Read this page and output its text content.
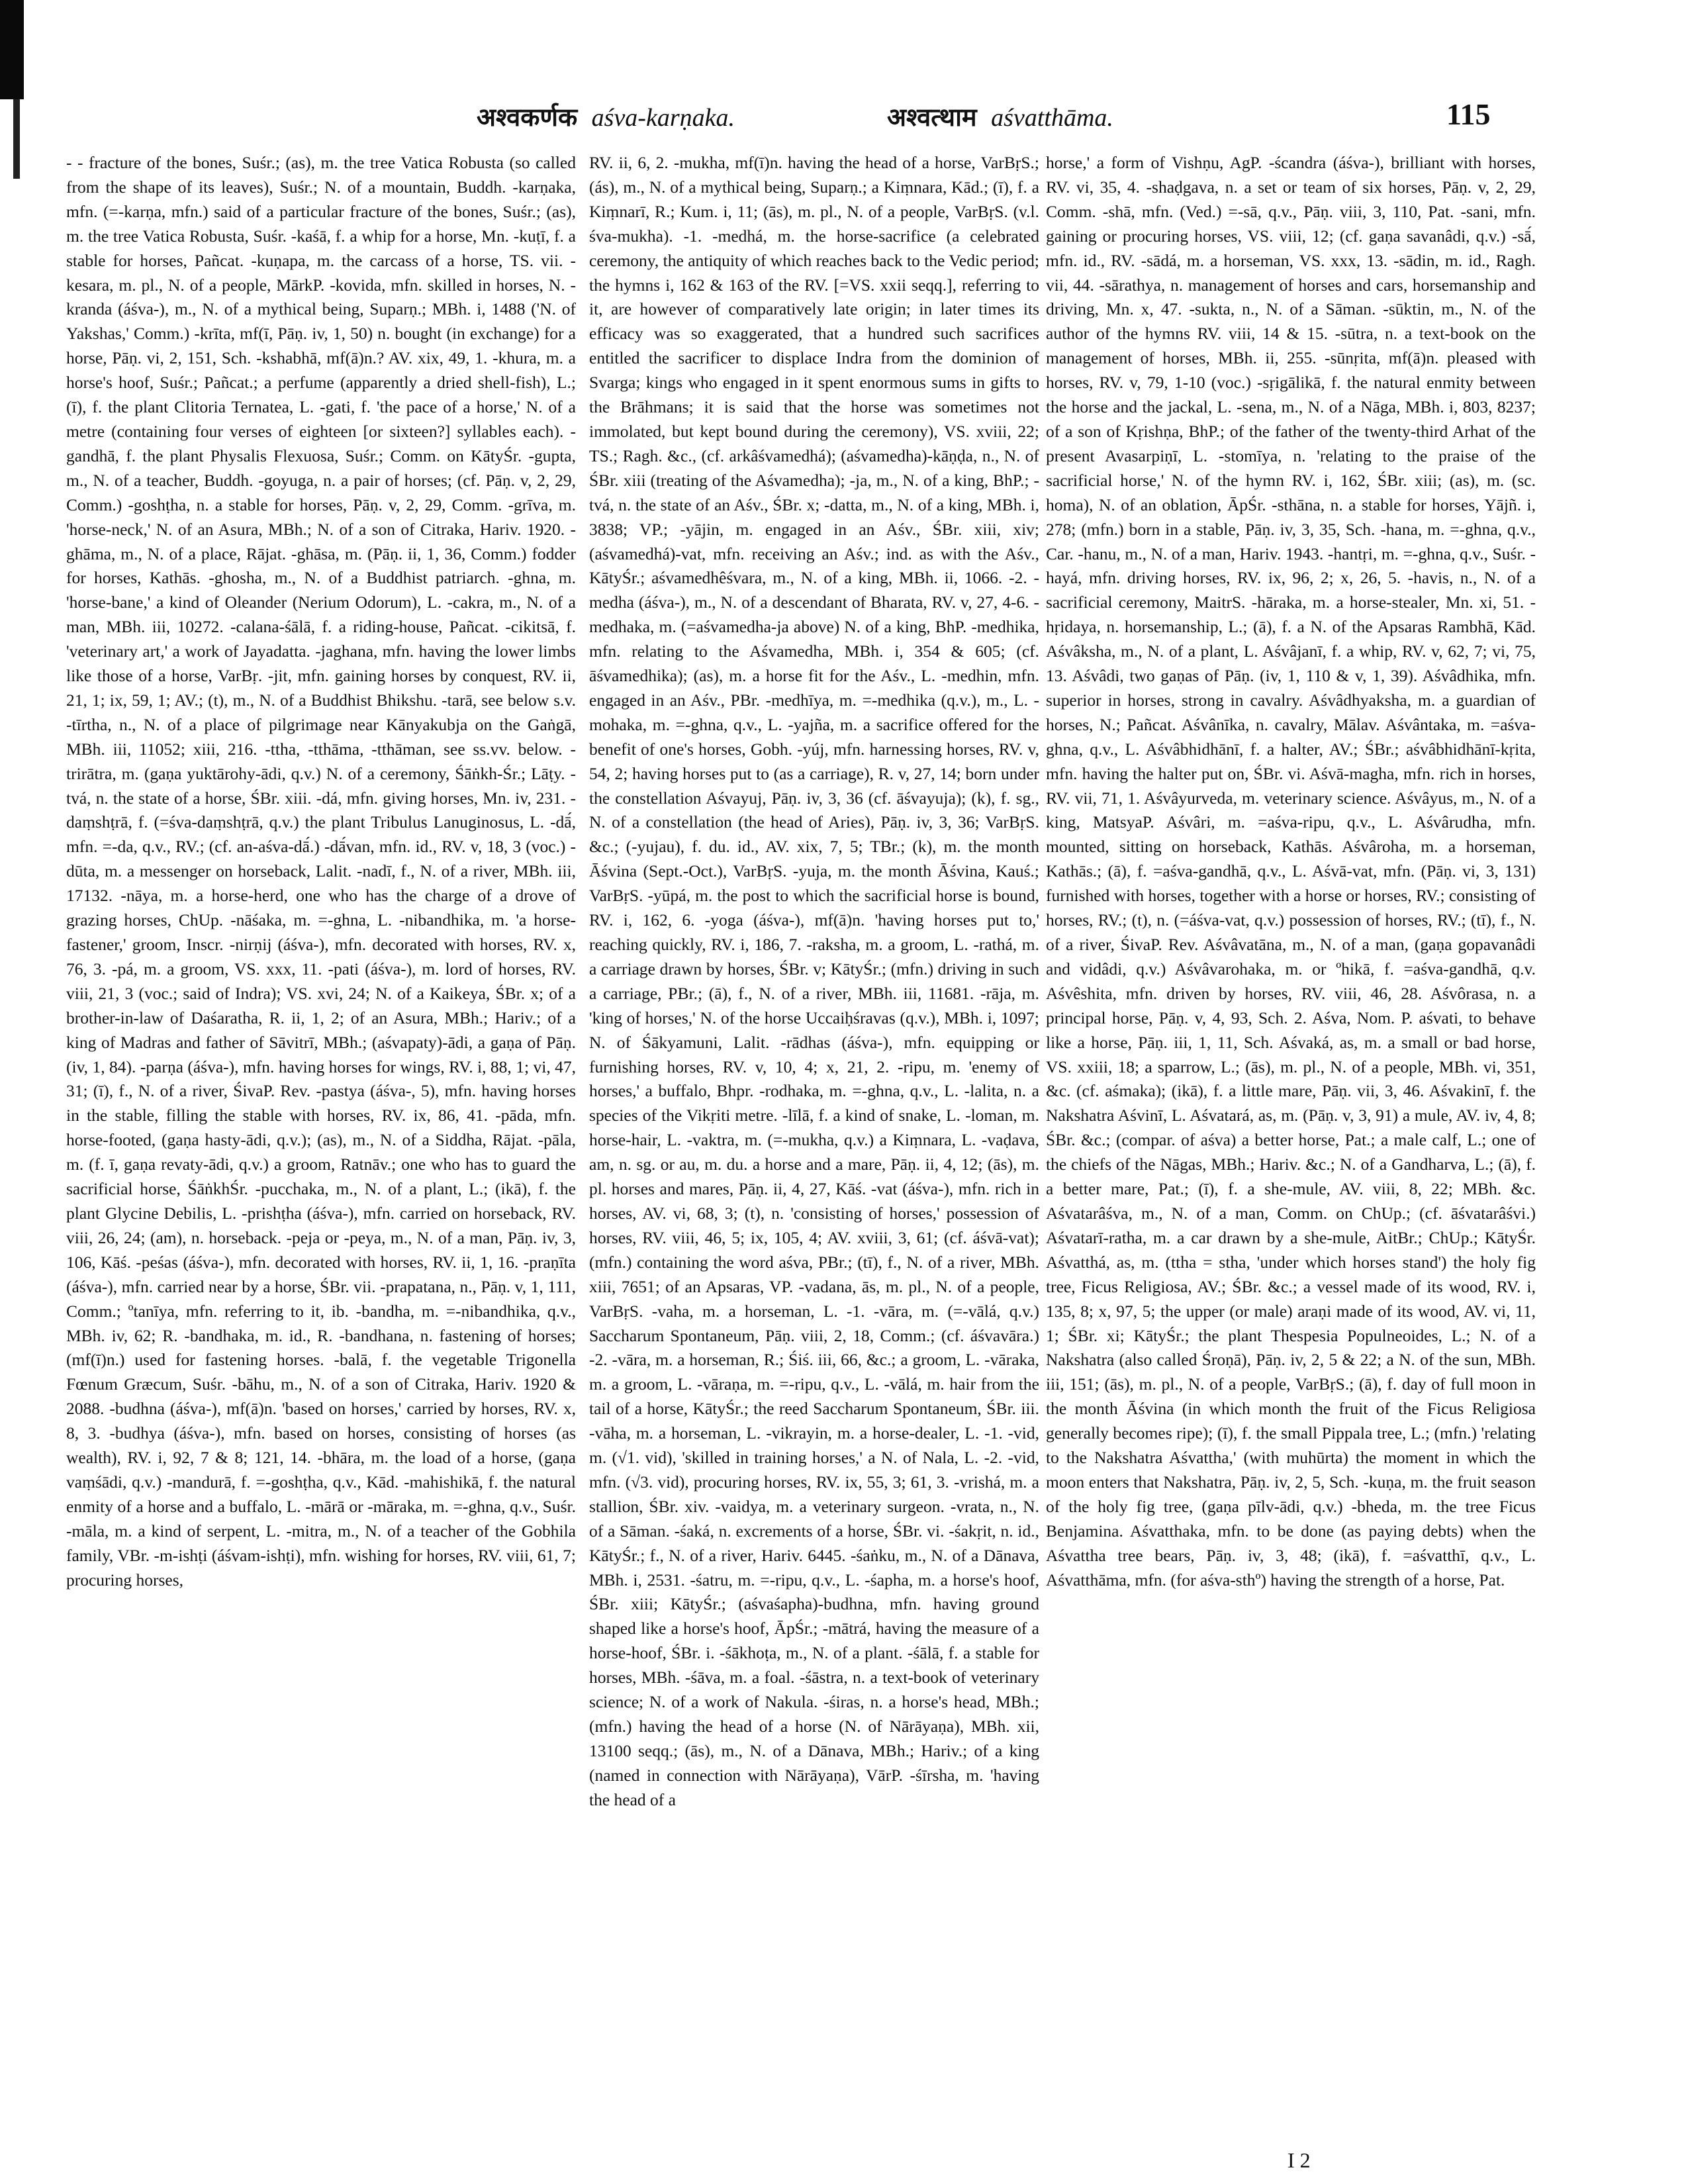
अश्वकर्णक aśva-karṇaka.	अश्वत्थाम aśvatthāma.	115

- - fracture of the bones, Suśr.; (as), m. the tree Vatica Robusta (so called from the shape of its leaves), Suśr.; N. of a mountain, Buddh. -karṇaka, mfn. (=-karṇa, mfn.) said of a particular fracture of the bones, Suśr.; (as), m. the tree Vatica Robusta, Suśr. -kaśā, f. a whip for a horse, Mn. -kuṭī, f. a stable for horses, Pañcat. -kuṇapa, m. the carcass of a horse, TS. vii. -kesara, m. pl., N. of a people, MārkP. -kovida, mfn. skilled in horses, N. -kranda (áśva-), m., N. of a mythical being, Suparṇ.; MBh. i, 1488 ('N. of Yakshas,' Comm.) -krīta, mf(ī, Pāṇ. iv, 1, 50) n. bought (in exchange) for a horse, Pāṇ. vi, 2, 151, Sch. -kshabhā, mf(ā)n.? AV. xix, 49, 1. -khura, m. a horse's hoof, Suśr.; Pañcat.; a perfume (apparently a dried shell-fish), L.; (ī), f. the plant Clitoria Ternatea, L. -gati, f. 'the pace of a horse,' N. of a metre (containing four verses of eighteen [or sixteen?] syllables each). -gandhā, f. the plant Physalis Flexuosa, Suśr.; Comm. on KātyŚr. -gupta, m., N. of a teacher, Buddh. -goyuga, n. a pair of horses; (cf. Pāṇ. v, 2, 29, Comm.) -goshṭha, n. a stable for horses, Pāṇ. v, 2, 29, Comm. -grīva, m. 'horse-neck,' N. of an Asura, MBh.; N. of a son of Citraka, Hariv. 1920. -ghāma, m., N. of a place, Rājat. -ghāsa, m. (Pāṇ. ii, 1, 36, Comm.) fodder for horses, Kathās. -ghosha, m., N. of a Buddhist patriarch. -ghna, m. 'horse-bane,' a kind of Oleander (Nerium Odorum), L. -cakra, m., N. of a man, MBh. iii, 10272. -calana-śālā, f. a riding-house, Pañcat. -cikitsā, f. 'veterinary art,' a work of Jayadatta. -jaghana, mfn. having the lower limbs like those of a horse, VarBṛ. -jit, mfn. gaining horses by conquest, RV. ii, 21, 1; ix, 59, 1; AV.; (t), m., N. of a Buddhist Bhikshu. -tarā, see below s.v. -tīrtha, n., N. of a place of pilgrimage near Kānyakubja on the Gaṅgā, MBh. iii, 11052; xiii, 216. -ttha, -tthāma, -tthāman, see ss.vv. below. -trirātra, m. (gaṇa yuktārohy-ādi, q.v.) N. of a ceremony, Śāṅkh-Śr.; Lāṭy. -tvá, n. the state of a horse, ŚBr. xiii. -dá, mfn. giving horses, Mn. iv, 231. -daṃshṭrā, f. (=śva-daṃshṭrā, q.v.) the plant Tribulus Lanuginosus, L. -dā́, mfn. =-da, q.v., RV.; (cf. an-aśva-dā́.) -dā́van, mfn. id., RV. v, 18, 3 (voc.) -dūta, m. a messenger on horseback, Lalit. -nadī, f., N. of a river, MBh. iii, 17132. -nāya, m. a horse-herd, one who has the charge of a drove of grazing horses, ChUp. -nāśaka, m. =-ghna, L. -nibandhika, m. 'a horse-fastener,' groom, Inscr. -nirṇij (áśva-), mfn. decorated with horses, RV. x, 76, 3. -pá, m. a groom, VS. xxx, 11. -pati (áśva-), m. lord of horses, RV. viii, 21, 3 (voc.; said of Indra); VS. xvi, 24; N. of a Kaikeya, ŚBr. x; of a brother-in-law of Daśaratha, R. ii, 1, 2; of an Asura, MBh.; Hariv.; of a king of Madras and father of Sāvitrī, MBh.; (aśvapaty)-ādi, a gaṇa of Pāṇ. (iv, 1, 84). -parṇa (áśva-), mfn. having horses for wings, RV. i, 88, 1; vi, 47, 31; (ī), f., N. of a river, ŚivaP. Rev. -pastya (áśva-, 5), mfn. having horses in the stable, filling the stable with horses, RV. ix, 86, 41. -pāda, mfn. horse-footed, (gaṇa hasty-ādi, q.v.); (as), m., N. of a Siddha, Rājat. -pāla, m. (f. ī, gaṇa revaty-ādi, q.v.) a groom, Ratnāv.; one who has to guard the sacrificial horse, ŚāṅkhŚr. -pucchaka, m., N. of a plant, L.; (ikā), f. the plant Glycine Debilis, L. -prishṭha (áśva-), mfn. carried on horseback, RV. viii, 26, 24; (am), n. horseback. -peja or -peya, m., N. of a man, Pāṇ. iv, 3, 106, Kāś. -peśas (áśva-), mfn. decorated with horses, RV. ii, 1, 16. -praṇīta (áśva-), mfn. carried near by a horse, ŚBr. vii. -prapatana, n., Pāṇ. v, 1, 111, Comm.; ºtanīya, mfn. referring to it, ib. -bandha, m. =-nibandhika, q.v., MBh. iv, 62; R. -bandhaka, m. id., R. -bandhana, n. fastening of horses; (mf(ī)n.) used for fastening horses. -balā, f. the vegetable Trigonella Fœnum Græcum, Suśr. -bāhu, m., N. of a son of Citraka, Hariv. 1920 & 2088. -budhna (áśva-), mf(ā)n. 'based on horses,' carried by horses, RV. x, 8, 3. -budhya (áśva-), mfn. based on horses, consisting of horses (as wealth), RV. i, 92, 7 & 8; 121, 14. -bhāra, m. the load of a horse, (gaṇa vaṃśādi, q.v.) -mandurā, f. =-goshṭha, q.v., Kād. -mahishikā, f. the natural enmity of a horse and a buffalo, L. -mārā or -māraka, m. =-ghna, q.v., Suśr. -māla, m. a kind of serpent, L. -mitra, m., N. of a teacher of the Gobhila family, VBr. -m-ishṭi (áśvam-ishṭi), mfn. wishing for horses, RV. viii, 61, 7; procuring horses,

RV. ii, 6, 2. -mukha, mf(ī)n. having the head of a horse, VarBṛS.; (ás), m., N. of a mythical being, Suparṇ.; a Kiṃnara, Kād.; (ī), f. a Kiṃnarī, R.; Kum. i, 11; (ās), m. pl., N. of a people, VarBṛS. (v.l. śva-mukha). -1. -medhá, m. the horse-sacrifice (a celebrated ceremony, the antiquity of which reaches back to the Vedic period; the hymns i, 162 & 163 of the RV. [=VS. xxii seqq.], referring to it, are however of comparatively late origin; in later times its efficacy was so exaggerated, that a hundred such sacrifices entitled the sacrificer to displace Indra from the dominion of Svarga; kings who engaged in it spent enormous sums in gifts to the Brāhmans; it is said that the horse was sometimes not immolated, but kept bound during the ceremony), VS. xviii, 22; TS.; Ragh. &c., (cf. arkâśvamedhá); (aśvamedha)-kāṇḍa, n., N. of ŚBr. xiii (treating of the Aśvamedha); -ja, m., N. of a king, BhP.; -tvá, n. the state of an Aśv., ŚBr. x; -datta, m., N. of a king, MBh. i, 3838; VP.; -yājin, m. engaged in an Aśv., ŚBr. xiii, xiv; (aśvamedhá)-vat, mfn. receiving an Aśv.; ind. as with the Aśv., KātyŚr.; aśvamedhêśvara, m., N. of a king, MBh. ii, 1066. -2. -medha (áśva-), m., N. of a descendant of Bharata, RV. v, 27, 4-6. -medhaka, m. (=aśvamedha-ja above) N. of a king, BhP. -medhika, mfn. relating to the Aśvamedha, MBh. i, 354 & 605; (cf. āśvamedhika); (as), m. a horse fit for the Aśv., L. -medhin, mfn. engaged in an Aśv., PBr. -medhīya, m. =-medhika (q.v.), m., L. -mohaka, m. =-ghna, q.v., L. -yajña, m. a sacrifice offered for the benefit of one's horses, Gobh. -yúj, mfn. harnessing horses, RV. v, 54, 2; having horses put to (as a carriage), R. v, 27, 14; born under the constellation Aśvayuj, Pāṇ. iv, 3, 36 (cf. āśvayuja); (k), f. sg., N. of a constellation (the head of Aries), Pāṇ. iv, 3, 36; VarBṛS. &c.; (-yujau), f. du. id., AV. xix, 7, 5; TBr.; (k), m. the month Āśvina (Sept.-Oct.), VarBṛS. -yuja, m. the month Āśvina, Kauś.; VarBṛS. -yūpá, m. the post to which the sacrificial horse is bound, RV. i, 162, 6. -yoga (áśva-), mf(ā)n. 'having horses put to,' reaching quickly, RV. i, 186, 7. -raksha, m. a groom, L. -rathá, m. a carriage drawn by horses, ŚBr. v; KātyŚr.; (mfn.) driving in such a carriage, PBr.; (ā), f., N. of a river, MBh. iii, 11681. -rāja, m. 'king of horses,' N. of the horse Uccaiḥśravas (q.v.), MBh. i, 1097; N. of Śākyamuni, Lalit. -rādhas (áśva-), mfn. equipping or furnishing horses, RV. v, 10, 4; x, 21, 2. -ripu, m. 'enemy of horses,' a buffalo, Bhpr. -rodhaka, m. =-ghna, q.v., L. -lalita, n. a species of the Vikṛiti metre. -līlā, f. a kind of snake, L. -loman, m. horse-hair, L. -vaktra, m. (=-mukha, q.v.) a Kiṃnara, L. -vaḍava, am, n. sg. or au, m. du. a horse and a mare, Pāṇ. ii, 4, 12; (ās), m. pl. horses and mares, Pāṇ. ii, 4, 27, Kāś. -vat (áśva-), mfn. rich in horses, AV. vi, 68, 3; (t), n. 'consisting of horses,' possession of horses, RV. viii, 46, 5; ix, 105, 4; AV. xviii, 3, 61; (cf. áśvā-vat); (mfn.) containing the word aśva, PBr.; (tī), f., N. of a river, MBh. xiii, 7651; of an Apsaras, VP. -vadana, ās, m. pl., N. of a people, VarBṛS. -vaha, m. a horseman, L. -1. -vāra, m. (=-vālá, q.v.) Saccharum Spontaneum, Pāṇ. viii, 2, 18, Comm.; (cf. áśvavāra.) -2. -vāra, m. a horseman, R.; Śiś. iii, 66, &c.; a groom, L. -vāraka, m. a groom, L. -vāraṇa, m. =-ripu, q.v., L. -vālá, m. hair from the tail of a horse, KātyŚr.; the reed Saccharum Spontaneum, ŚBr. iii. -vāha, m. a horseman, L. -vikrayin, m. a horse-dealer, L. -1. -vid, m. (√1. vid), 'skilled in training horses,' a N. of Nala, L. -2. -vid, mfn. (√3. vid), procuring horses, RV. ix, 55, 3; 61, 3. -vrishá, m. a stallion, ŚBr. xiv. -vaidya, m. a veterinary surgeon. -vrata, n., N. of a Sāman. -śaká, n. excrements of a horse, ŚBr. vi. -śakṛit, n. id., KātyŚr.; f., N. of a river, Hariv. 6445. -śaṅku, m., N. of a Dānava, MBh. i, 2531. -śatru, m. =-ripu, q.v., L. -śapha, m. a horse's hoof, ŚBr. xiii; KātyŚr.; (aśvaśapha)-budhna, mfn. having ground shaped like a horse's hoof, ĀpŚr.; -mātrá, having the measure of a horse-hoof, ŚBr. i. -śākhoṭa, m., N. of a plant. -śālā, f. a stable for horses, MBh. -śāva, m. a foal. -śāstra, n. a text-book of veterinary science; N. of a work of Nakula. -śiras, n. a horse's head, MBh.; (mfn.) having the head of a horse (N. of Nārāyaṇa), MBh. xii, 13100 seqq.; (ās), m., N. of a Dānava, MBh.; Hariv.; of a king (named in connection with Nārāyaṇa), VārP. -śīrsha, m. 'having the head of a

horse,' a form of Vishṇu, AgP. -ścandra (áśva-), brilliant with horses, RV. vi, 35, 4. -shaḍgava, n. a set or team of six horses, Pāṇ. v, 2, 29, Comm. -shā, mfn. (Ved.) =-sā, q.v., Pāṇ. viii, 3, 110, Pat. -sani, mfn. gaining or procuring horses, VS. viii, 12; (cf. gaṇa savanâdi, q.v.) -sā́, mfn. id., RV. -sādá, m. a horseman, VS. xxx, 13. -sādin, m. id., Ragh. vii, 44. -sārathya, n. management of horses and cars, horsemanship and driving, Mn. x, 47. -sukta, n., N. of a Sāman. -sūktin, m., N. of the author of the hymns RV. viii, 14 & 15. -sūtra, n. a text-book on the management of horses, MBh. ii, 255. -sūnṛita, mf(ā)n. pleased with horses, RV. v, 79, 1-10 (voc.) -sṛigālikā, f. the natural enmity between the horse and the jackal, L. -sena, m., N. of a Nāga, MBh. i, 803, 8237; of a son of Kṛishṇa, BhP.; of the father of the twenty-third Arhat of the present Avasarpiṇī, L. -stomīya, n. 'relating to the praise of the sacrificial horse,' N. of the hymn RV. i, 162, ŚBr. xiii; (as), m. (sc. homa), N. of an oblation, ĀpŚr. -sthāna, n. a stable for horses, Yājñ. i, 278; (mfn.) born in a stable, Pāṇ. iv, 3, 35, Sch. -hana, m. =-ghna, q.v., Car. -hanu, m., N. of a man, Hariv. 1943. -hantṛi, m. =-ghna, q.v., Suśr. -hayá, mfn. driving horses, RV. ix, 96, 2; x, 26, 5. -havis, n., N. of a sacrificial ceremony, MaitrS. -hāraka, m. a horse-stealer, Mn. xi, 51. -hṛidaya, n. horsemanship, L.; (ā), f. a N. of the Apsaras Rambhā, Kād. Aśvâksha, m., N. of a plant, L. Aśvâjanī, f. a whip, RV. v, 62, 7; vi, 75, 13. Aśvâdi, two gaṇas of Pāṇ. (iv, 1, 110 & v, 1, 39). Aśvâdhika, mfn. superior in horses, strong in cavalry. Aśvâdhyaksha, m. a guardian of horses, N.; Pañcat. Aśvânīka, n. cavalry, Mālav. Aśvântaka, m. =aśva-ghna, q.v., L. Aśvâbhidhānī, f. a halter, AV.; ŚBr.; aśvâbhidhānī-kṛita, mfn. having the halter put on, ŚBr. vi. Aśvā-magha, mfn. rich in horses, RV. vii, 71, 1. Aśvâyurveda, m. veterinary science. Aśvâyus, m., N. of a king, MatsyaP. Aśvâri, m. =aśva-ripu, q.v., L. Aśvârudha, mfn. mounted, sitting on horseback, Kathās. Aśvâroha, m. a horseman, Kathās.; (ā), f. =aśva-gandhā, q.v., L. Aśvā-vat, mfn. (Pāṇ. vi, 3, 131) furnished with horses, together with a horse or horses, RV.; consisting of horses, RV.; (t), n. (=áśva-vat, q.v.) possession of horses, RV.; (tī), f., N. of a river, ŚivaP. Rev. Aśvâvatāna, m., N. of a man, (gaṇa gopavanâdi and vidâdi, q.v.) Aśvâvarohaka, m. or ºhikā, f. =aśva-gandhā, q.v. Aśvêshita, mfn. driven by horses, RV. viii, 46, 28. Aśvôrasa, n. a principal horse, Pāṇ. v, 4, 93, Sch. 2. Aśva, Nom. P. aśvati, to behave like a horse, Pāṇ. iii, 1, 11, Sch. Aśvaká, as, m. a small or bad horse, VS. xxiii, 18; a sparrow, L.; (ās), m. pl., N. of a people, MBh. vi, 351, &c. (cf. aśmaka); (ikā), f. a little mare, Pāṇ. vii, 3, 46. Aśvakinī, f. the Nakshatra Aśvinī, L. Aśvatará, as, m. (Pāṇ. v, 3, 91) a mule, AV. iv, 4, 8; ŚBr. &c.; (compar. of aśva) a better horse, Pat.; a male calf, L.; one of the chiefs of the Nāgas, MBh.; Hariv. &c.; N. of a Gandharva, L.; (ā), f. a better mare, Pat.; (ī), f. a she-mule, AV. viii, 8, 22; MBh. &c. Aśvatarâśva, m., N. of a man, Comm. on ChUp.; (cf. āśvatarâśvi.) Aśvatarī-ratha, m. a car drawn by a she-mule, AitBr.; ChUp.; KātyŚr. Aśvatthá, as, m. (ttha = stha, 'under which horses stand') the holy fig tree, Ficus Religiosa, AV.; ŚBr. &c.; a vessel made of its wood, RV. i, 135, 8; x, 97, 5; the upper (or male) araṇi made of its wood, AV. vi, 11, 1; ŚBr. xi; KātyŚr.; the plant Thespesia Populneoides, L.; N. of a Nakshatra (also called Śroṇā), Pāṇ. iv, 2, 5 & 22; a N. of the sun, MBh. iii, 151; (ās), m. pl., N. of a people, VarBṛS.; (ā), f. day of full moon in the month Āśvina (in which month the fruit of the Ficus Religiosa generally becomes ripe); (ī), f. the small Pippala tree, L.; (mfn.) 'relating to the Nakshatra Aśvattha,' (with muhūrta) the moment in which the moon enters that Nakshatra, Pāṇ. iv, 2, 5, Sch. -kuṇa, m. the fruit season of the holy fig tree, (gaṇa pīlv-ādi, q.v.) -bheda, m. the tree Ficus Benjamina. Aśvatthaka, mfn. to be done (as paying debts) when the Aśvattha tree bears, Pāṇ. iv, 3, 48; (ikā), f. =aśvatthī, q.v., L. Aśvatthāma, mfn. (for aśva-sthº) having the strength of a horse, Pat.

I 2
